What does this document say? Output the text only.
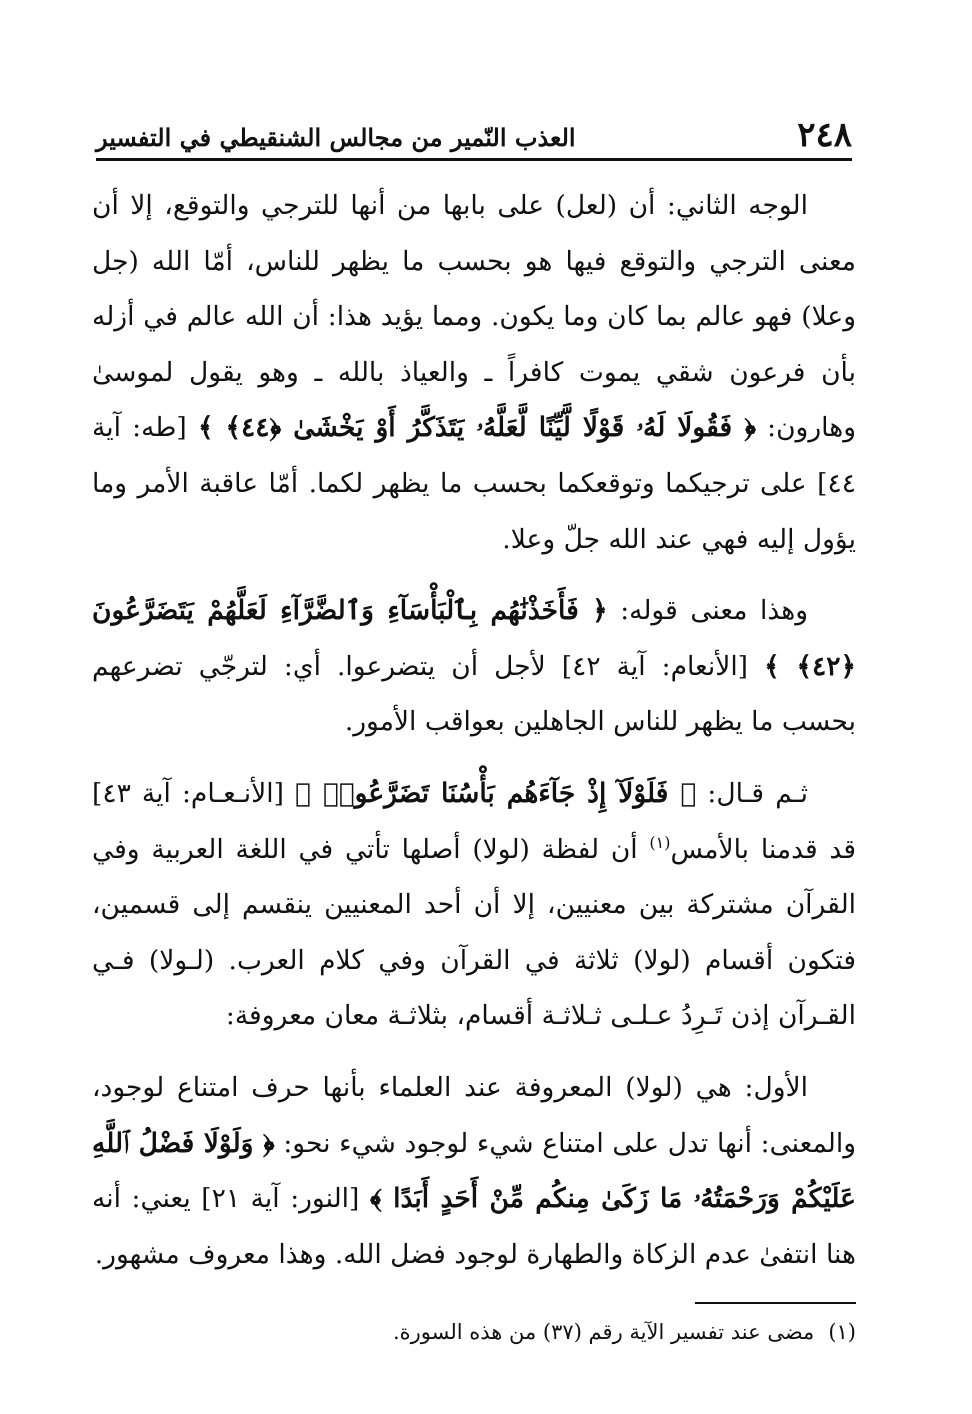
٢٤٨
العذب النّمير من مجالس الشنقيطي في التفسير

الوجه الثاني: أن (لعل) على بابها من أنها للترجي والتوقع، إلا أن معنى الترجي والتوقع فيها هو بحسب ما يظهر للناس، أمّا الله (جل وعلا) فهو عالم بما كان وما يكون. ومما يؤيد هذا: أن الله عالم في أزله بأن فرعون شقي يموت كافراً ـ والعياذ بالله ـ وهو يقول لموسىٰ وهارون: ﴿ فَقُولَا لَهُۥ قَوْلًا لَّيِّنًا لَّعَلَّهُۥ يَتَذَكَّرُ أَوْ يَخْشَىٰ ﴿٤٤﴾ ﴾ [طه: آية ٤٤] على ترجيكما وتوقعكما بحسب ما يظهر لكما. أمّا عاقبة الأمر وما يؤول إليه فهي عند الله جلّ وعلا.

وهذا معنى قوله: ﴿ فَأَخَذْنَٰهُم بِٱلْبَأْسَآءِ وَٱلضَّرَّآءِ لَعَلَّهُمْ يَتَضَرَّعُونَ ﴿٤٢﴾ ﴾ [الأنعام: آية ٤٢] لأجل أن يتضرعوا. أي: لترجّي تضرعهم بحسب ما يظهر للناس الجاهلين بعواقب الأمور.

ثـم قـال: ﴿ فَلَوْلَآ إِذْ جَآءَهُم بَأْسُنَا تَضَرَّعُوا۟ ﴾ [الأنـعـام: آية ٤٣] قد قدمنا بالأمس$^{(١)}$ أن لفظة (لولا) أصلها تأتي في اللغة العربية وفي القرآن مشتركة بين معنيين، إلا أن أحد المعنيين ينقسم إلى قسمين، فتكون أقسام (لولا) ثلاثة في القرآن وفي كلام العرب. (لـولا) فـي القـرآن إذن تَـرِدُ عـلـى ثـلاثـة أقسام، بثلاثـة معان معروفة:

الأول: هي (لولا) المعروفة عند العلماء بأنها حرف امتناع لوجود، والمعنى: أنها تدل على امتناع شيء لوجود شيء نحو: ﴿ وَلَوْلَا فَضْلُ ٱللَّهِ عَلَيْكُمْ وَرَحْمَتُهُۥ مَا زَكَىٰ مِنكُم مِّنْ أَحَدٍ أَبَدًا ﴾ [النور: آية ٢١] يعني: أنه هنا انتفىٰ عدم الزكاة والطهارة لوجود فضل الله. وهذا معروف مشهور.

(١)مضى عند تفسير الآية رقم (٣٧) من هذه السورة.
